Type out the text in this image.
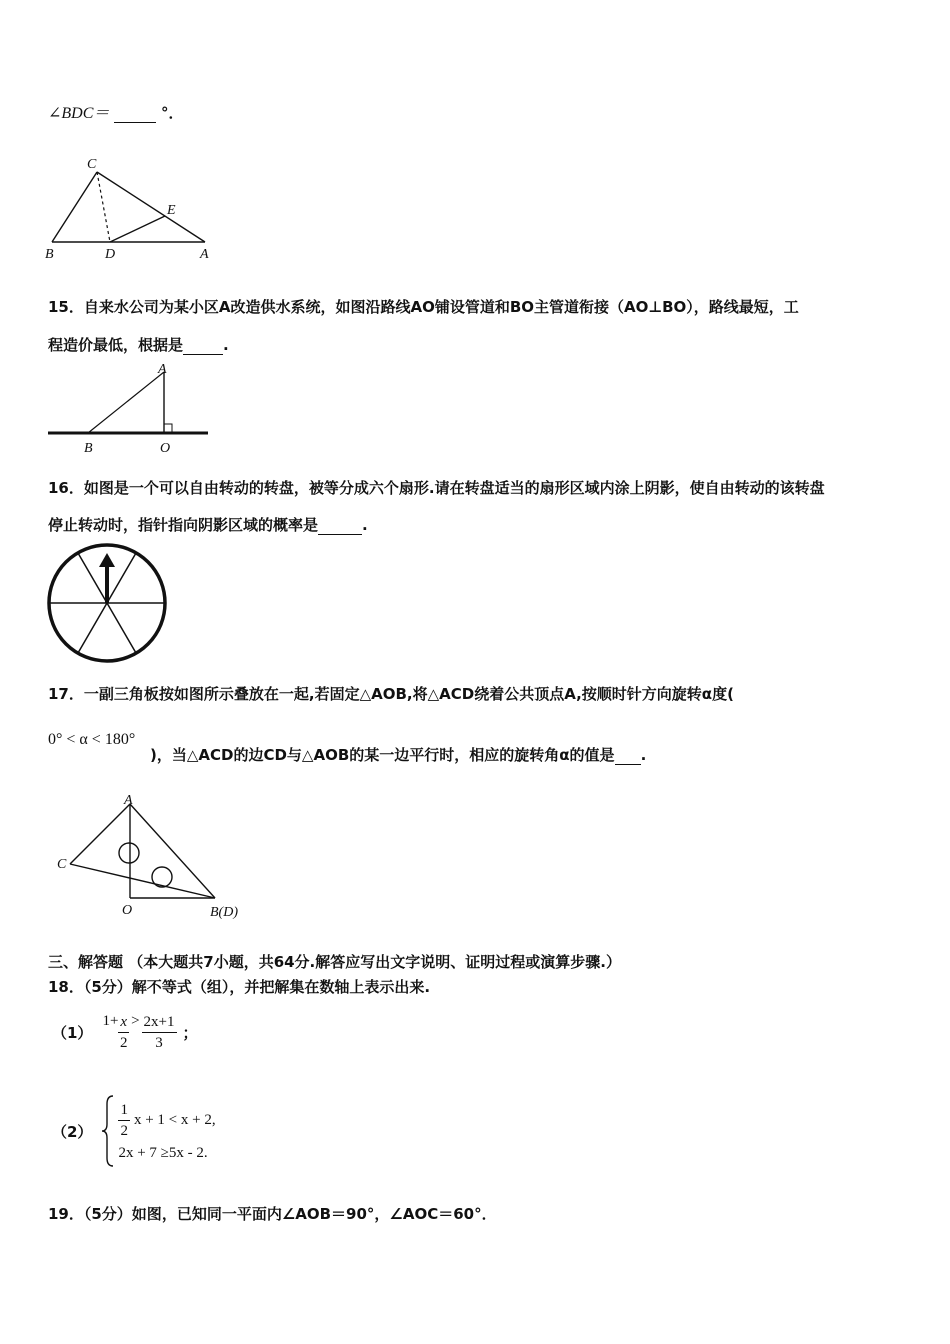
∠BDC＝	°．
C
E
B	D	A
15．自来水公司为某小区A改造供水系统，如图沿路线AO铺设管道和BO主管道衔接（AO⊥BO），路线最短，工
程造价最低，根据是	.
A
B	O
16．如图是一个可以自由转动的转盘，被等分成六个扇形.请在转盘适当的扇形区域内涂上阴影，使自由转动的该转盘
停止转动时，指针指向阴影区域的概率是	.
17．一副三角板按如图所示叠放在一起,若固定△AOB,将△ACD绕着公共顶点A,按顺时针方向旋转α度(
0° < α < 180°
)，当△ACD的边CD与△AOB的某一边平行时，相应的旋转角α的值是 .
A
C
O	B(D)
三、解答题 （本大题共7小题，共64分.解答应写出文字说明、证明过程或演算步骤.）
18．（5分）解不等式（组），并把解集在数轴上表示出来.
（1）
$1+ \frac{x}{2} > \frac{2x+1}{3}$ ；
$(2) \frac{1}{2}$ x + 1 < x + 2,
2x + 7 ≥5x - 2.
19．（5分）如图，已知同一平面内∠AOB＝90°，∠AOC＝60°．
